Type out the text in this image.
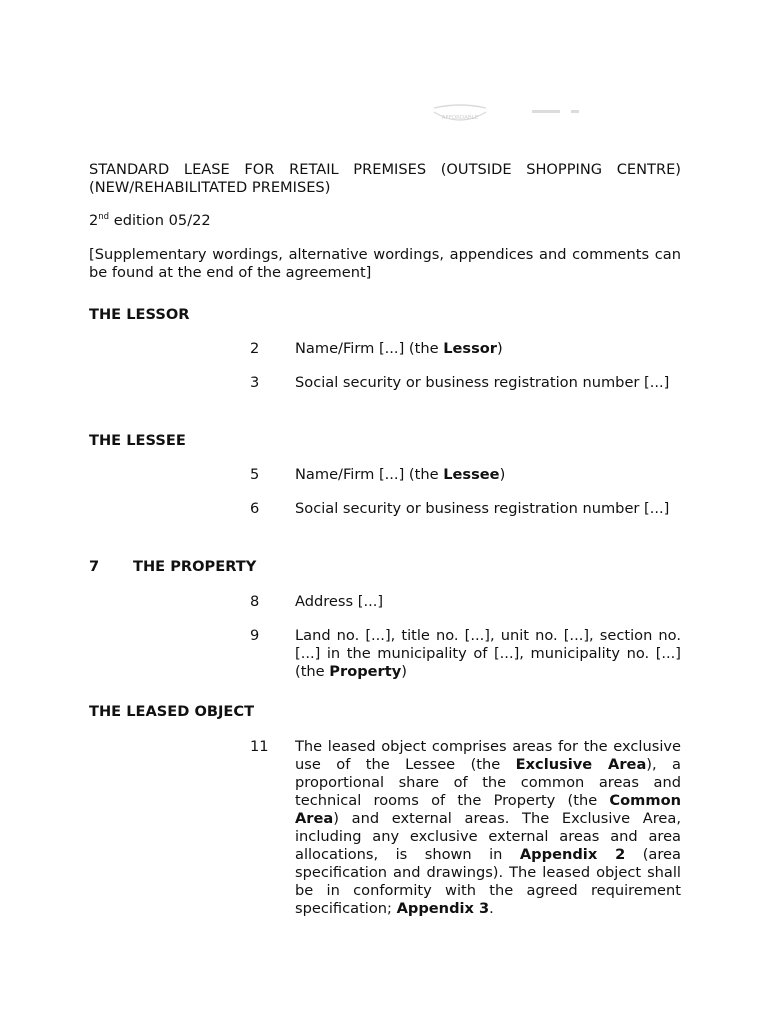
AFFORDABLE
STANDARD LEASE FOR RETAIL PREMISES (OUTSIDE SHOPPING CENTRE) (NEW/REHABILITATED PREMISES)
2nd edition 05/22
[Supplementary wordings, alternative wordings, appendices and comments can be found at the end of the agreement]
THE LESSOR
2 Name/Firm [...] (the Lessor)
3 Social security or business registration number [...]
THE LESSEE
5 Name/Firm [...] (the Lessee)
6 Social security or business registration number [...]
7 THE PROPERTY
8 Address [...]
9 Land no. [...], title no. [...], unit no. [...], section no. [...] in the municipality of [...], municipality no. [...] (the Property)
THE LEASED OBJECT
11 The leased object comprises areas for the exclusive use of the Lessee (the Exclusive Area), a proportional share of the common areas and technical rooms of the Property (the Common Area) and external areas. The Exclusive Area, including any exclusive external areas and area allocations, is shown in Appendix 2 (area specification and drawings). The leased object shall be in conformity with the agreed requirement specification; Appendix 3.
